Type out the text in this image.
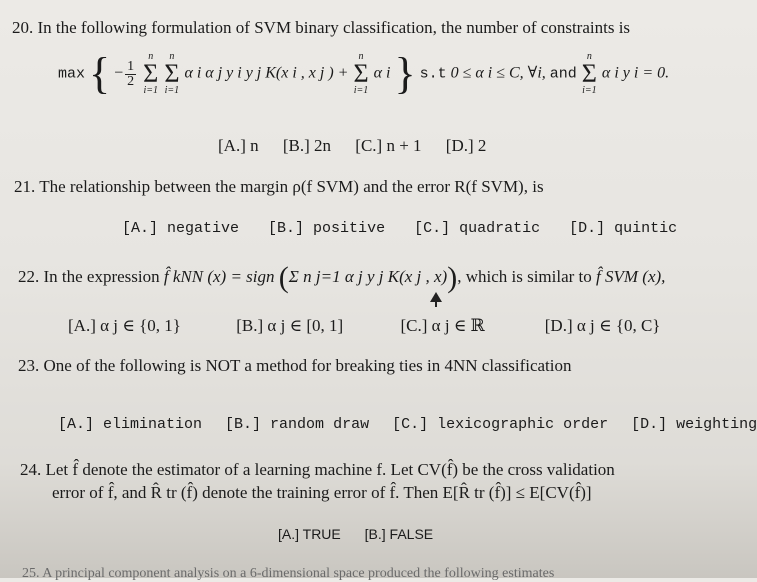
20. In the following formulation of SVM binary classification, the number of constraints is
max { − $\frac{1}{2}$

n
Σ
i=1

n
Σ
i=1
α i α j y i y j K(x i , x j ) +
n
Σ
i=1
α i } s.t 0 ≤ α i ≤ C, ∀i, and
n
Σ
i=1
α i y i = 0.
[A.] n [B.] 2n [C.] n + 1 [D.] 2
21. The relationship between the margin ρ(f SVM) and the error R(f SVM), is
[A.] negative [B.] positive [C.] quadratic [D.] quintic
22. In the expression f̂ kNN (x) = sign (Σ n j=1 α j y j K(x j , x)), which is similar to f̂ SVM (x),
[A.] α j ∈ {0, 1}	[B.] α j ∈ [0, 1]	[C.] α j ∈ ℝ	[D.] α j ∈ {0, C}
23. One of the following is NOT a method for breaking ties in 4NN classification
[A.] elimination [B.] random draw [C.] lexicographic order [D.] weighting
24. Let f̂ denote the estimator of a learning machine f. Let CV(f̂) be the cross validation
error of f̂, and R̂ tr (f̂) denote the training error of f̂. Then E[R̂ tr (f̂)] ≤ E[CV(f̂)]
[A.] TRUE [B.] FALSE
25. A principal component analysis on a 6-dimensional space produced the following estimates
